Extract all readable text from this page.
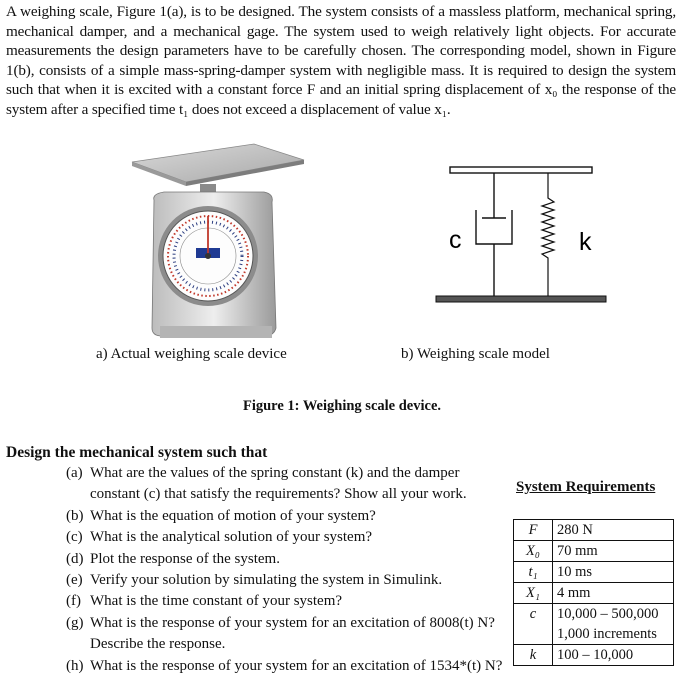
A weighing scale, Figure 1(a), is to be designed. The system consists of a massless platform, mechanical spring, mechanical damper, and a mechanical gage. The system used to weigh relatively light objects. For accurate measurements the design parameters have to be carefully chosen. The corresponding model, shown in Figure 1(b), consists of a simple mass-spring-damper system with negligible mass. It is required to design the system such that when it is excited with a constant force F and an initial spring displacement of x₀ the response of the system after a specified time t₁ does not exceed a displacement of value x₁.
c	k
a) Actual weighing scale device	b) Weighing scale model
Figure 1: Weighing scale device.
Design the mechanical system such that
(a) What are the values of the spring constant (k) and the damper
constant (c) that satisfy the requirements? Show all your work.
(b) What is the equation of motion of your system?
(c) What is the analytical solution of your system?
(d) Plot the response of the system.
(e) Verify your solution by simulating the system in Simulink.
(f) What is the time constant of your system?
(g) What is the response of your system for an excitation of 8008(t) N?
Describe the response.
(h) What is the response of your system for an excitation of 1534*(t) N?
System Requirements
F	280 N
X₀	70 mm
t₁	10 ms
X₁	4 mm
c	10,000 – 500,000
1,000 increments
k	100 – 10,000
